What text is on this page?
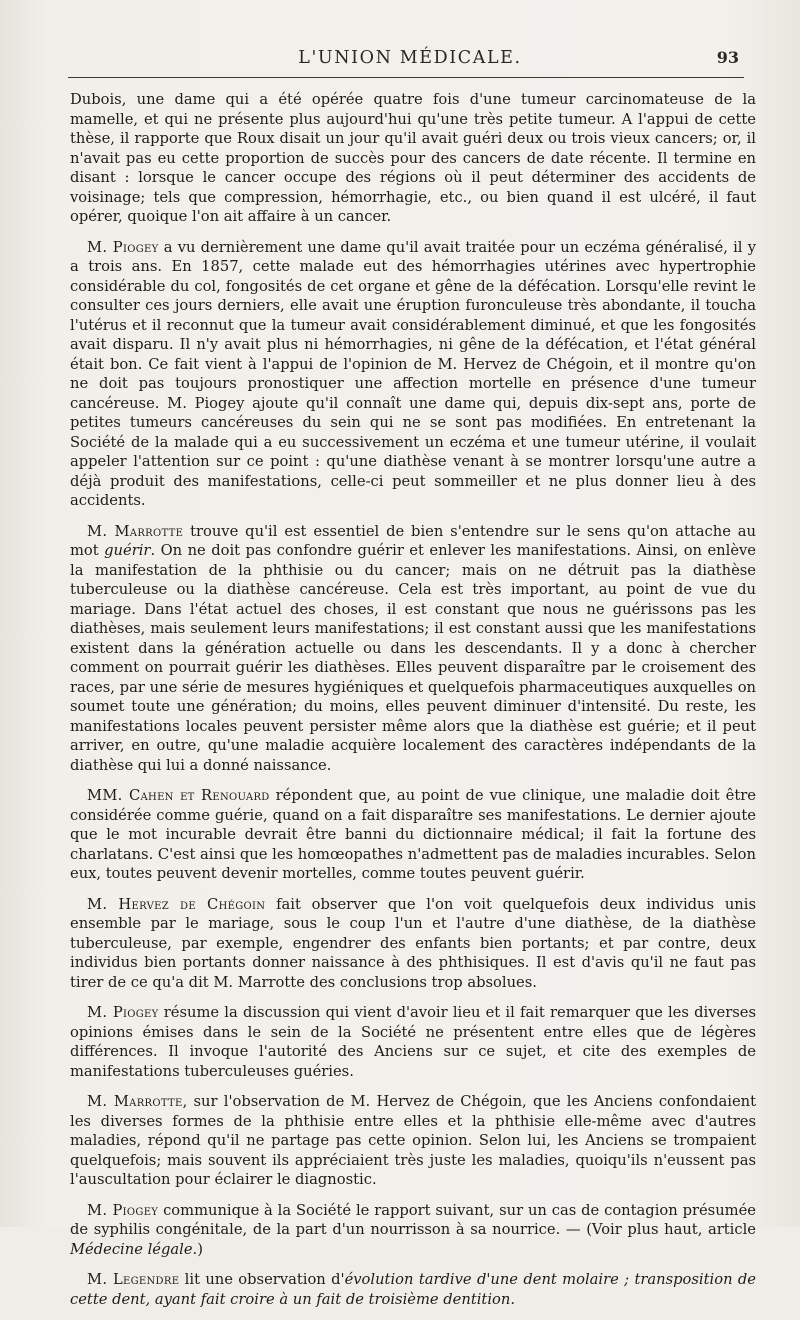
L'UNION MÉDICALE.	93

Dubois, une dame qui a été opérée quatre fois d'une tumeur carcinomateuse de la mamelle, et qui ne présente plus aujourd'hui qu'une très petite tumeur. A l'appui de cette thèse, il rapporte que Roux disait un jour qu'il avait guéri deux ou trois vieux cancers; or, il n'avait pas eu cette proportion de succès pour des cancers de date récente. Il termine en disant : lorsque le cancer occupe des régions où il peut déterminer des accidents de voisinage; tels que compression, hémorrhagie, etc., ou bien quand il est ulcéré, il faut opérer, quoique l'on ait affaire à un cancer.

M. Piogey a vu dernièrement une dame qu'il avait traitée pour un eczéma généralisé, il y a trois ans. En 1857, cette malade eut des hémorrhagies utérines avec hypertrophie considérable du col, fongosités de cet organe et gêne de la défécation. Lorsqu'elle revint le consulter ces jours derniers, elle avait une éruption furonculeuse très abondante, il toucha l'utérus et il reconnut que la tumeur avait considérablement diminué, et que les fongosités avait disparu. Il n'y avait plus ni hémorrhagies, ni gêne de la défécation, et l'état général était bon. Ce fait vient à l'appui de l'opinion de M. Hervez de Chégoin, et il montre qu'on ne doit pas toujours pronostiquer une affection mortelle en présence d'une tumeur cancéreuse. M. Piogey ajoute qu'il connaît une dame qui, depuis dix-sept ans, porte de petites tumeurs cancéreuses du sein qui ne se sont pas modifiées. En entretenant la Société de la malade qui a eu successivement un eczéma et une tumeur utérine, il voulait appeler l'attention sur ce point : qu'une diathèse venant à se montrer lorsqu'une autre a déjà produit des manifestations, celle-ci peut sommeiller et ne plus donner lieu à des accidents.

M. Marrotte trouve qu'il est essentiel de bien s'entendre sur le sens qu'on attache au mot guérir. On ne doit pas confondre guérir et enlever les manifestations. Ainsi, on enlève la manifestation de la phthisie ou du cancer; mais on ne détruit pas la diathèse tuberculeuse ou la diathèse cancéreuse. Cela est très important, au point de vue du mariage. Dans l'état actuel des choses, il est constant que nous ne guérissons pas les diathèses, mais seulement leurs manifestations; il est constant aussi que les manifestations existent dans la génération actuelle ou dans les descendants. Il y a donc à chercher comment on pourrait guérir les diathèses. Elles peuvent disparaître par le croisement des races, par une série de mesures hygiéniques et quelquefois pharmaceutiques auxquelles on soumet toute une génération; du moins, elles peuvent diminuer d'intensité. Du reste, les manifestations locales peuvent persister même alors que la diathèse est guérie; et il peut arriver, en outre, qu'une maladie acquière localement des caractères indépendants de la diathèse qui lui a donné naissance.

MM. Cahen et Renouard répondent que, au point de vue clinique, une maladie doit être considérée comme guérie, quand on a fait disparaître ses manifestations. Le dernier ajoute que le mot incurable devrait être banni du dictionnaire médical; il fait la fortune des charlatans. C'est ainsi que les homœopathes n'admettent pas de maladies incurables. Selon eux, toutes peuvent devenir mortelles, comme toutes peuvent guérir.

M. Hervez de Chégoin fait observer que l'on voit quelquefois deux individus unis ensemble par le mariage, sous le coup l'un et l'autre d'une diathèse, de la diathèse tuberculeuse, par exemple, engendrer des enfants bien portants; et par contre, deux individus bien portants donner naissance à des phthisiques. Il est d'avis qu'il ne faut pas tirer de ce qu'a dit M. Marrotte des conclusions trop absolues.

M. Piogey résume la discussion qui vient d'avoir lieu et il fait remarquer que les diverses opinions émises dans le sein de la Société ne présentent entre elles que de légères différences. Il invoque l'autorité des Anciens sur ce sujet, et cite des exemples de manifestations tuberculeuses guéries.

M. Marrotte, sur l'observation de M. Hervez de Chégoin, que les Anciens confondaient les diverses formes de la phthisie entre elles et la phthisie elle-même avec d'autres maladies, répond qu'il ne partage pas cette opinion. Selon lui, les Anciens se trompaient quelquefois; mais souvent ils appréciaient très juste les maladies, quoiqu'ils n'eussent pas l'auscultation pour éclairer le diagnostic.

M. Piogey communique à la Société le rapport suivant, sur un cas de contagion présumée de syphilis congénitale, de la part d'un nourrisson à sa nourrice. — (Voir plus haut, article Médecine légale.)

M. Legendre lit une observation d'évolution tardive d'une dent molaire ; transposition de cette dent, ayant fait croire à un fait de troisième dentition.
